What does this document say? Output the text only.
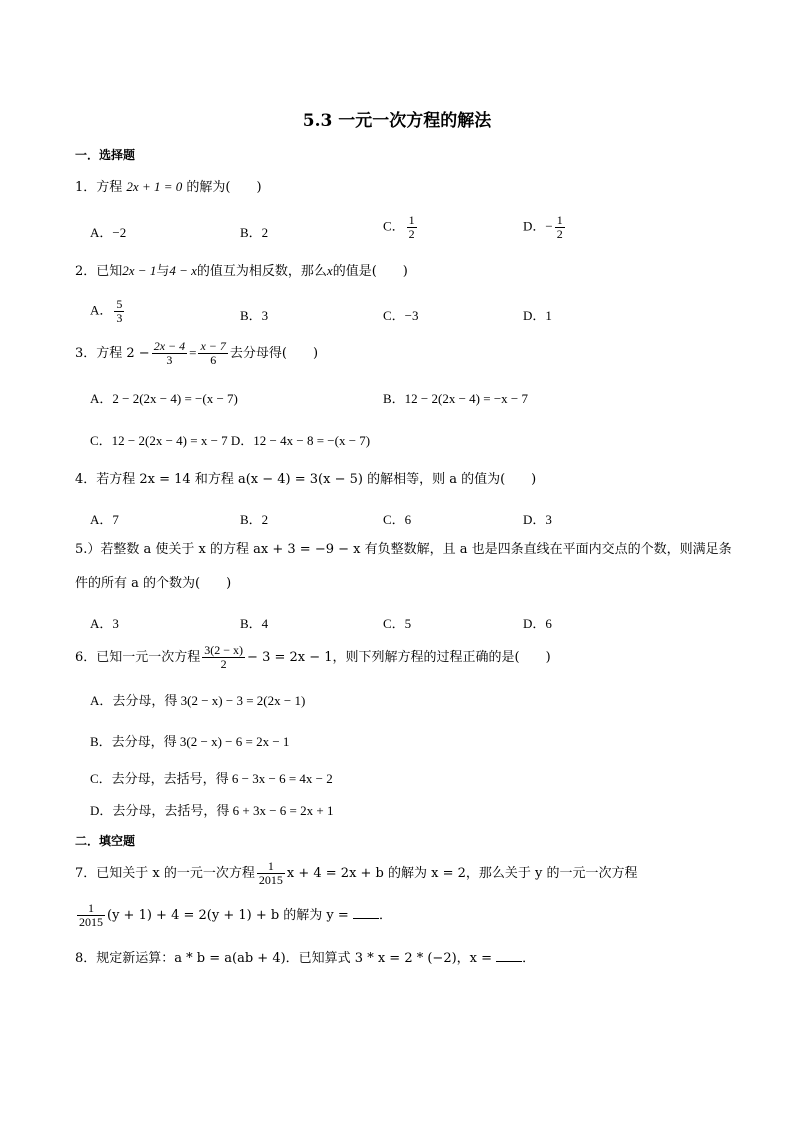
5.3 一元一次方程的解法
一．选择题
1．方程 2x + 1 = 0 的解为(　　)
A．−2	B．2	C． $\frac{1}{2}$	D．− $\frac{1}{2}$
2．已知2x − 1与4 − x的值互为相反数，那么x的值是(　　)
A． $\frac{5}{3}$	B．3	C．−3	D．1
3．方程 $2 - \frac{2x - 4}{3} = \frac{x - 7}{6}$ 去分母得(　　)
A．2 − 2(2x − 4) = −(x − 7)	B．12 − 2(2x − 4) = −x − 7
C．12 − 2(2x − 4) = x − 7 D．12 − 4x − 8 = −(x − 7)
4．若方程 2x = 14 和方程 a(x − 4) = 3(x − 5) 的解相等，则 a 的值为(　　)
A．7	B．2	C．6	D．3
5.）若整数 a 使关于 x 的方程 ax + 3 = −9 − x 有负整数解，且 a 也是四条直线在平面内交点的个数，则满足条
件的所有 a 的个数为(　　)
A．3	B．4	C．5	D．6
6．已知一元一次方程 $\frac{3(2 - x)}{2} - 3 = 2x - 1$，则下列解方程的过程正确的是(　　)
A．去分母，得 3(2 − x) − 3 = 2(2x − 1)
B．去分母，得 3(2 − x) − 6 = 2x − 1
C．去分母，去括号，得 6 − 3x − 6 = 4x − 2
D．去分母，去括号，得 6 + 3x − 6 = 2x + 1
二．填空题
7．已知关于 x 的一元一次方程 $\frac{1}{2015}$ x + 4 = 2x + b 的解为 x = 2，那么关于 y 的一元一次方程
$\frac{1}{2015} (y + 1) + 4 = 2(y + 1) + b$ 的解为 y = ．
8．规定新运算：a * b = a(ab + 4)．已知算式 3 * x = 2 * (−2)，x = ．
